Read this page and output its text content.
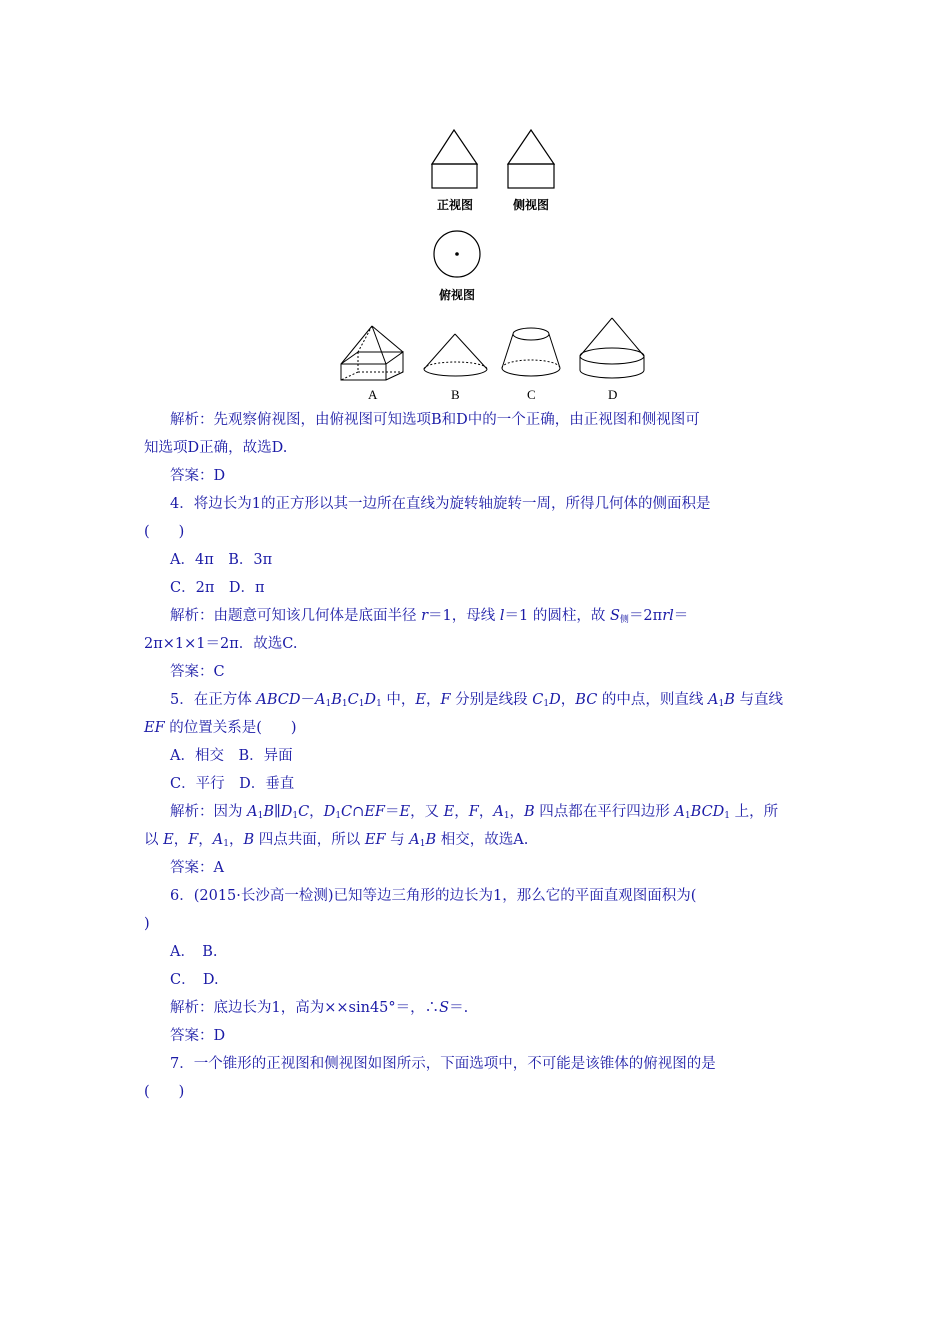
正视图	侧视图
俯视图
A	B	C	D
解析：先观察俯视图，由俯视图可知选项B和D中的一个正确，由正视图和侧视图可
知选项D正确，故选D.
答案：D
4．将边长为1的正方形以其一边所在直线为旋转轴旋转一周，所得几何体的侧面积是
(　　)
A．4π　B．3π
C．2π　D．π
解析：由题意可知该几何体是底面半径 r＝1，母线 l＝1 的圆柱，故 $S_侧=2\pi rl=$
2π×1×1＝2π．故选C.
答案：C
5．在正方体 $ABCD-A_1B_1C_1D_1$ 中，E，F 分别是线段 $C_1D$，BC 的中点，则直线 $A_1B$ 与直线
EF 的位置关系是(　　)
A．相交　B．异面
C．平行　D．垂直
解析：因为 $A_1B\parallel D_1C$，$D_1C\cap EF=E$，又 E，F，$A_1$，B 四点都在平行四边形 $A_1BCD_1$ 上，所
以 E，F，$A_1$，B 四点共面，所以 EF 与 $A_1B$ 相交，故选A.
答案：A
6．(2015·长沙高一检测)已知等边三角形的边长为1，那么它的平面直观图面积为(
)
A．　B.
C．　D.
解析：底边长为1，高为××sin45°＝，∴S＝.
答案：D
7．一个锥形的正视图和侧视图如图所示，下面选项中，不可能是该锥体的俯视图的是
(　　)
